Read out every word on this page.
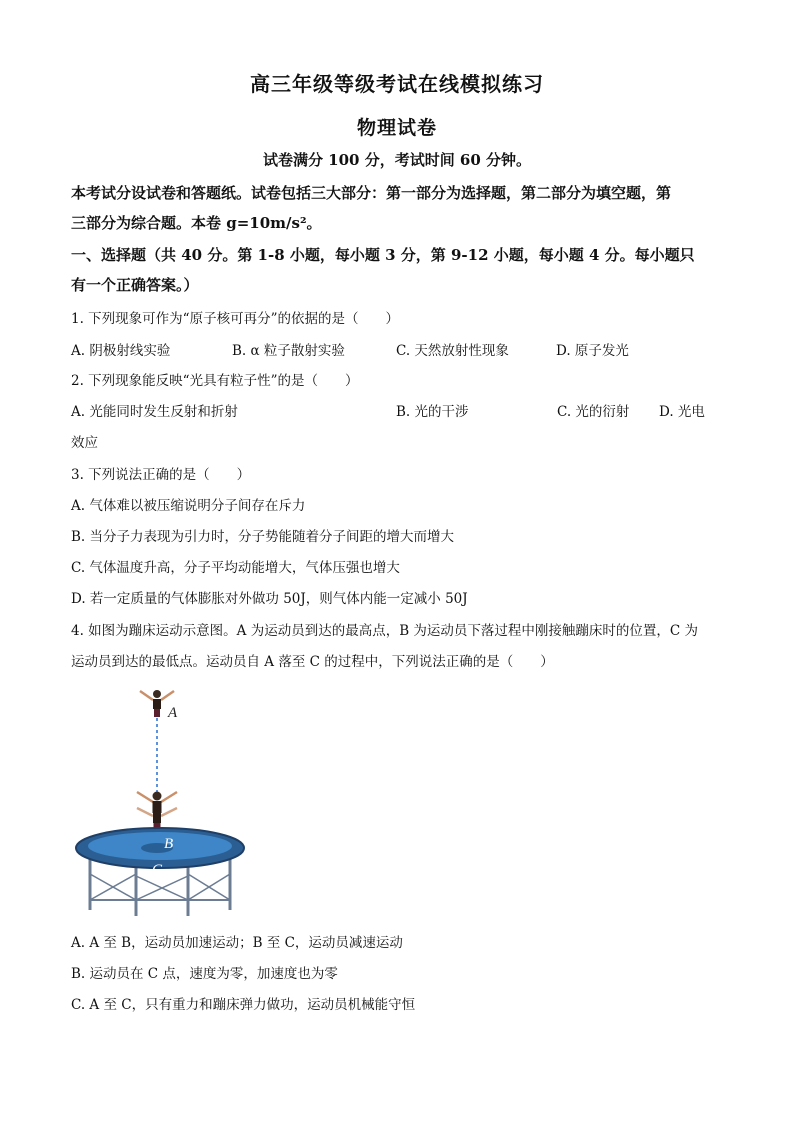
高三年级等级考试在线模拟练习
物理试卷
试卷满分 100 分，考试时间 60 分钟。
本考试分设试卷和答题纸。试卷包括三大部分：第一部分为选择题，第二部分为填空题，第
三部分为综合题。本卷 g=10m/s²。
一、选择题（共 40 分。第 1-8 小题，每小题 3 分，第 9-12 小题，每小题 4 分。每小题只
有一个正确答案。）
1. 下列现象可作为“原子核可再分”的依据的是（　　）
A. 阴极射线实验	B. α 粒子散射实验	C. 天然放射性现象	D. 原子发光
2. 下列现象能反映“光具有粒子性”的是（　　）
A. 光能同时发生反射和折射	B. 光的干涉	C. 光的衍射 D. 光电
效应
3. 下列说法正确的是（　　）
A. 气体难以被压缩说明分子间存在斥力
B. 当分子力表现为引力时，分子势能随着分子间距的增大而增大
C. 气体温度升高，分子平均动能增大，气体压强也增大
D. 若一定质量的气体膨胀对外做功 50J，则气体内能一定减小 50J
4. 如图为蹦床运动示意图。A 为运动员到达的最高点，B 为运动员下落过程中刚接触蹦床时的位置，C 为
运动员到达的最低点。运动员自 A 落至 C 的过程中，下列说法正确的是（　　）
A
B
C
A. A 至 B，运动员加速运动；B 至 C，运动员减速运动
B. 运动员在 C 点，速度为零，加速度也为零
C. A 至 C，只有重力和蹦床弹力做功，运动员机械能守恒
